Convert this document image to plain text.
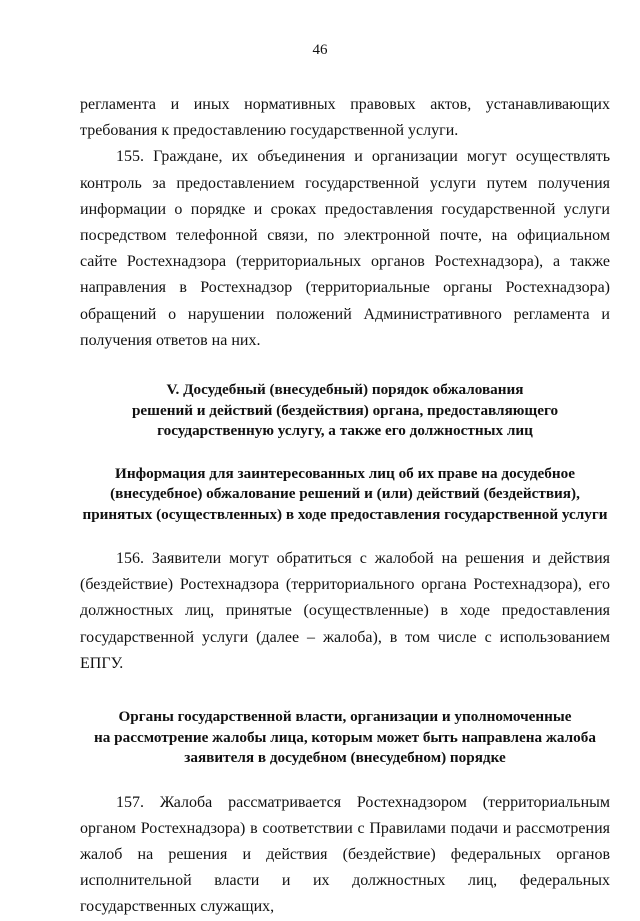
46

регламента и иных нормативных правовых актов, устанавливающих требования к предоставлению государственной услуги.

155. Граждане, их объединения и организации могут осуществлять контроль за предоставлением государственной услуги путем получения информации о порядке и сроках предоставления государственной услуги посредством телефонной связи, по электронной почте, на официальном сайте Ростехнадзора (территориальных органов Ростехнадзора), а также направления в Ростехнадзор (территориальные органы Ростехнадзора) обращений о нарушении положений Административного регламента и получения ответов на них.

V. Досудебный (внесудебный) порядок обжалования
решений и действий (бездействия) органа, предоставляющего
государственную услугу, а также его должностных лиц
Информация для заинтересованных лиц об их праве на досудебное
(внесудебное) обжалование решений и (или) действий (бездействия),
принятых (осуществленных) в ходе предоставления государственной услуги

156. Заявители могут обратиться с жалобой на решения и действия (бездействие) Ростехнадзора (территориального органа Ростехнадзора), его должностных лиц, принятые (осуществленные) в ходе предоставления государственной услуги (далее – жалоба), в том числе с использованием ЕПГУ.

Органы государственной власти, организации и уполномоченные
на рассмотрение жалобы лица, которым может быть направлена жалоба
заявителя в досудебном (внесудебном) порядке

157. Жалоба рассматривается Ростехнадзором (территориальным органом Ростехнадзора) в соответствии с Правилами подачи и рассмотрения жалоб на решения и действия (бездействие) федеральных органов исполнительной власти и их должностных лиц, федеральных государственных служащих,
